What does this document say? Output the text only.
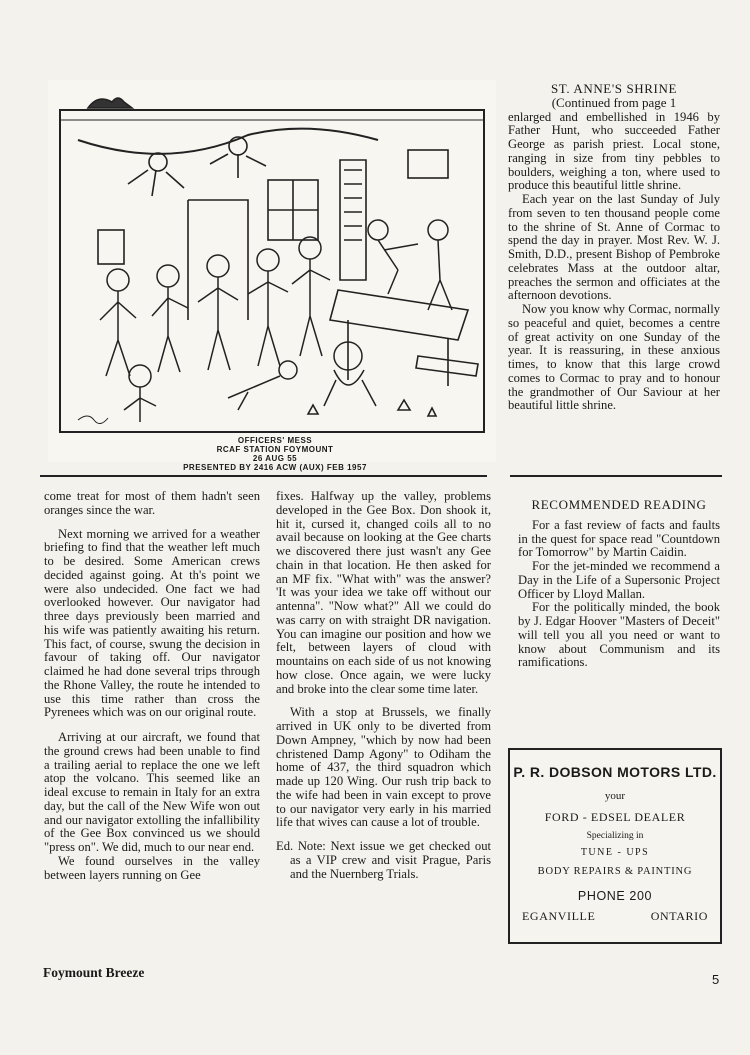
OFFICERS' MESS
RCAF STATION FOYMOUNT
26 AUG 55
PRESENTED BY 2416 ACW (AUX) FEB 1957
ST. ANNE'S SHRINE
(Continued from page 1

enlarged and embellished in 1946 by Father Hunt, who succeeded Father George as parish priest. Local stone, ranging in size from tiny pebbles to boulders, weighing a ton, where used to produce this beautiful little shrine.

Each year on the last Sunday of July from seven to ten thousand people come to the shrine of St. Anne of Cormac to spend the day in prayer. Most Rev. W. J. Smith, D.D., present Bishop of Pembroke celebrates Mass at the outdoor altar, preaches the sermon and officiates at the afternoon devotions.

Now you know why Cormac, normally so peaceful and quiet, becomes a centre of great activity on one Sunday of the year. It is reassuring, in these anxious times, to know that this large crowd comes to Cormac to pray and to honour the grandmother of Our Saviour at her beautiful little shrine.

come treat for most of them hadn't seen oranges since the war.

Next morning we arrived for a weather briefing to find that the weather left much to be desired. Some American crews decided against going. At th's point we were also undecided. One fact we had overlooked however. Our navigator had three days previously been married and his wife was patiently awaiting his return. This fact, of course, swung the decision in favour of taking off. Our navigator claimed he had done several trips through the Rhone Valley, the route he intended to use this time rather than cross the Pyrenees which was on our original route.

Arriving at our aircraft, we found that the ground crews had been unable to find a trailing aerial to replace the one we left atop the volcano. This seemed like an ideal excuse to remain in Italy for an extra day, but the call of the New Wife won out and our navigator extolling the infallibility of the Gee Box convinced us we should "press on". We did, much to our near end.

We found ourselves in the valley between layers running on Gee

fixes. Halfway up the valley, problems developed in the Gee Box. Don shook it, hit it, cursed it, changed coils all to no avail because on looking at the Gee charts we discovered there just wasn't any Gee chain in that location. He then asked for an MF fix. "What with" was the answer? 'It was your idea we take off without our antenna". "Now what?" All we could do was carry on with straight DR navigation. You can imagine our position and how we felt, between layers of cloud with mountains on each side of us not knowing how close. Once again, we were lucky and broke into the clear some time later.

With a stop at Brussels, we finally arrived in UK only to be diverted from Down Ampney, "which by now had been christened Damp Agony" to Odiham the home of 437, the third squadron which made up 120 Wing. Our rush trip back to the wife had been in vain except to prove to our navigator very early in his married life that wives can cause a lot of trouble.

Ed. Note: Next issue we get checked out as a VIP crew and visit Prague, Paris and the Nuernberg Trials.

RECOMMENDED READING

For a fast review of facts and faults in the quest for space read "Countdown for Tomorrow" by Martin Caidin.

For the jet-minded we recommend a Day in the Life of a Supersonic Project Officer by Lloyd Mallan.

For the politically minded, the book by J. Edgar Hoover "Masters of Deceit" will tell you all you need or want to know about Communism and its ramifications.

P. R. DOBSON MOTORS LTD.
your
FORD - EDSEL DEALER
Specializing in
TUNE - UPS
BODY REPAIRS & PAINTING
PHONE 200
EGANVILLE	ONTARIO
Foymount Breeze	5
